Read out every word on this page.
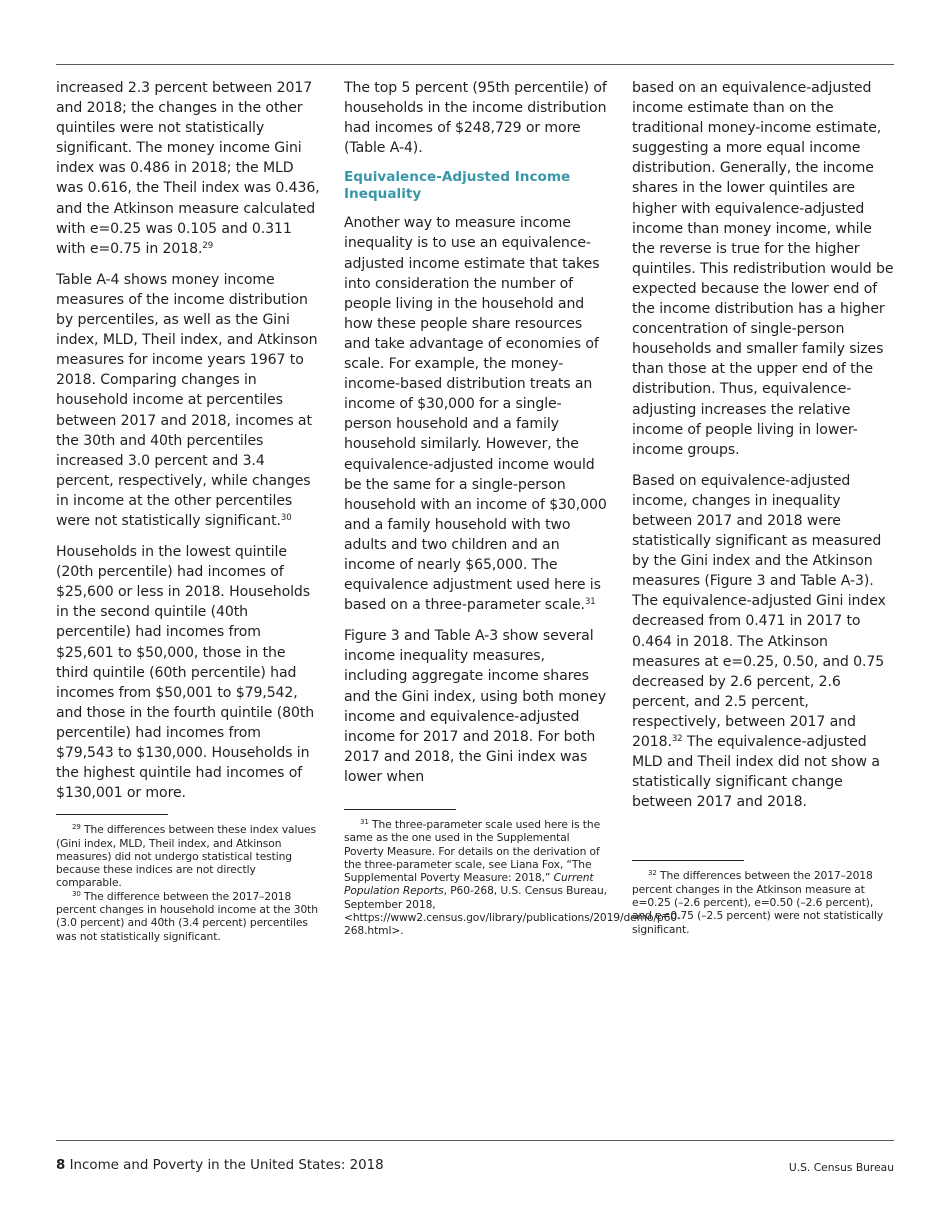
increased 2.3 percent between 2017 and 2018; the changes in the other quintiles were not statistically significant. The money income Gini index was 0.486 in 2018; the MLD was 0.616, the Theil index was 0.436, and the Atkinson measure calculated with e=0.25 was 0.105 and 0.311 with e=0.75 in 2018.29

Table A-4 shows money income measures of the income distribution by percentiles, as well as the Gini index, MLD, Theil index, and Atkinson measures for income years 1967 to 2018. Comparing changes in household income at percentiles between 2017 and 2018, incomes at the 30th and 40th percentiles increased 3.0 percent and 3.4 percent, respectively, while changes in income at the other percentiles were not statistically significant.$^{30}$

Households in the lowest quintile (20th percentile) had incomes of $25,600 or less in 2018. Households in the second quintile (40th percentile) had incomes from $25,601 to $50,000, those in the third quintile (60th percentile) had incomes from $50,001 to $79,542, and those in the fourth quintile (80th percentile) had incomes from $79,543 to $130,000. Households in the highest quintile had incomes of $130,001 or more.

$^{29}$ The differences between these index values (Gini index, MLD, Theil index, and Atkinson measures) did not undergo statistical testing because these indices are not directly comparable.

$^{30}$ The difference between the 2017–2018 percent changes in household income at the 30th (3.0 percent) and 40th (3.4 percent) percentiles was not statistically significant.

The top 5 percent (95th percentile) of households in the income distribution had incomes of $248,729 or more (Table A-4).

Equivalence-Adjusted Income Inequality

Another way to measure income inequality is to use an equivalence-adjusted income estimate that takes into consideration the number of people living in the household and how these people share resources and take advantage of economies of scale. For example, the money-income-based distribution treats an income of $30,000 for a single-person household and a family household similarly. However, the equivalence-adjusted income would be the same for a single-person household with an income of $30,000 and a family household with two adults and two children and an income of nearly $65,000. The equivalence adjustment used here is based on a three-parameter scale.$^{31}$

Figure 3 and Table A-3 show several income inequality measures, including aggregate income shares and the Gini index, using both money income and equivalence-adjusted income for 2017 and 2018. For both 2017 and 2018, the Gini index was lower when

$^{31}$ The three-parameter scale used here is the same as the one used in the Supplemental Poverty Measure. For details on the derivation of the three-parameter scale, see Liana Fox, “The Supplemental Poverty Measure: 2018,” Current Population Reports, P60-268, U.S. Census Bureau, September 2018, <https://www2.census.gov/library/publications/2019/demo/p60-268.html>.

based on an equivalence-adjusted income estimate than on the traditional money-income estimate, suggesting a more equal income distribution. Generally, the income shares in the lower quintiles are higher with equivalence-adjusted income than money income, while the reverse is true for the higher quintiles. This redistribution would be expected because the lower end of the income distribution has a higher concentration of single-person households and smaller family sizes than those at the upper end of the distribution. Thus, equivalence-adjusting increases the relative income of people living in lower-income groups.

Based on equivalence-adjusted income, changes in inequality between 2017 and 2018 were statistically significant as measured by the Gini index and the Atkinson measures (Figure 3 and Table A-3). The equivalence-adjusted Gini index decreased from 0.471 in 2017 to 0.464 in 2018. The Atkinson measures at e=0.25, 0.50, and 0.75 decreased by 2.6 percent, 2.6 percent, and 2.5 percent, respectively, between 2017 and 2018.32 The equivalence-adjusted MLD and Theil index did not show a statistically significant change between 2017 and 2018.

$^{32}$ The differences between the 2017–2018 percent changes in the Atkinson measure at e=0.25 (–2.6 percent), e=0.50 (–2.6 percent), and e=0.75 (–2.5 percent) were not statistically significant.

8 Income and Poverty in the United States: 2018	U.S. Census Bureau
